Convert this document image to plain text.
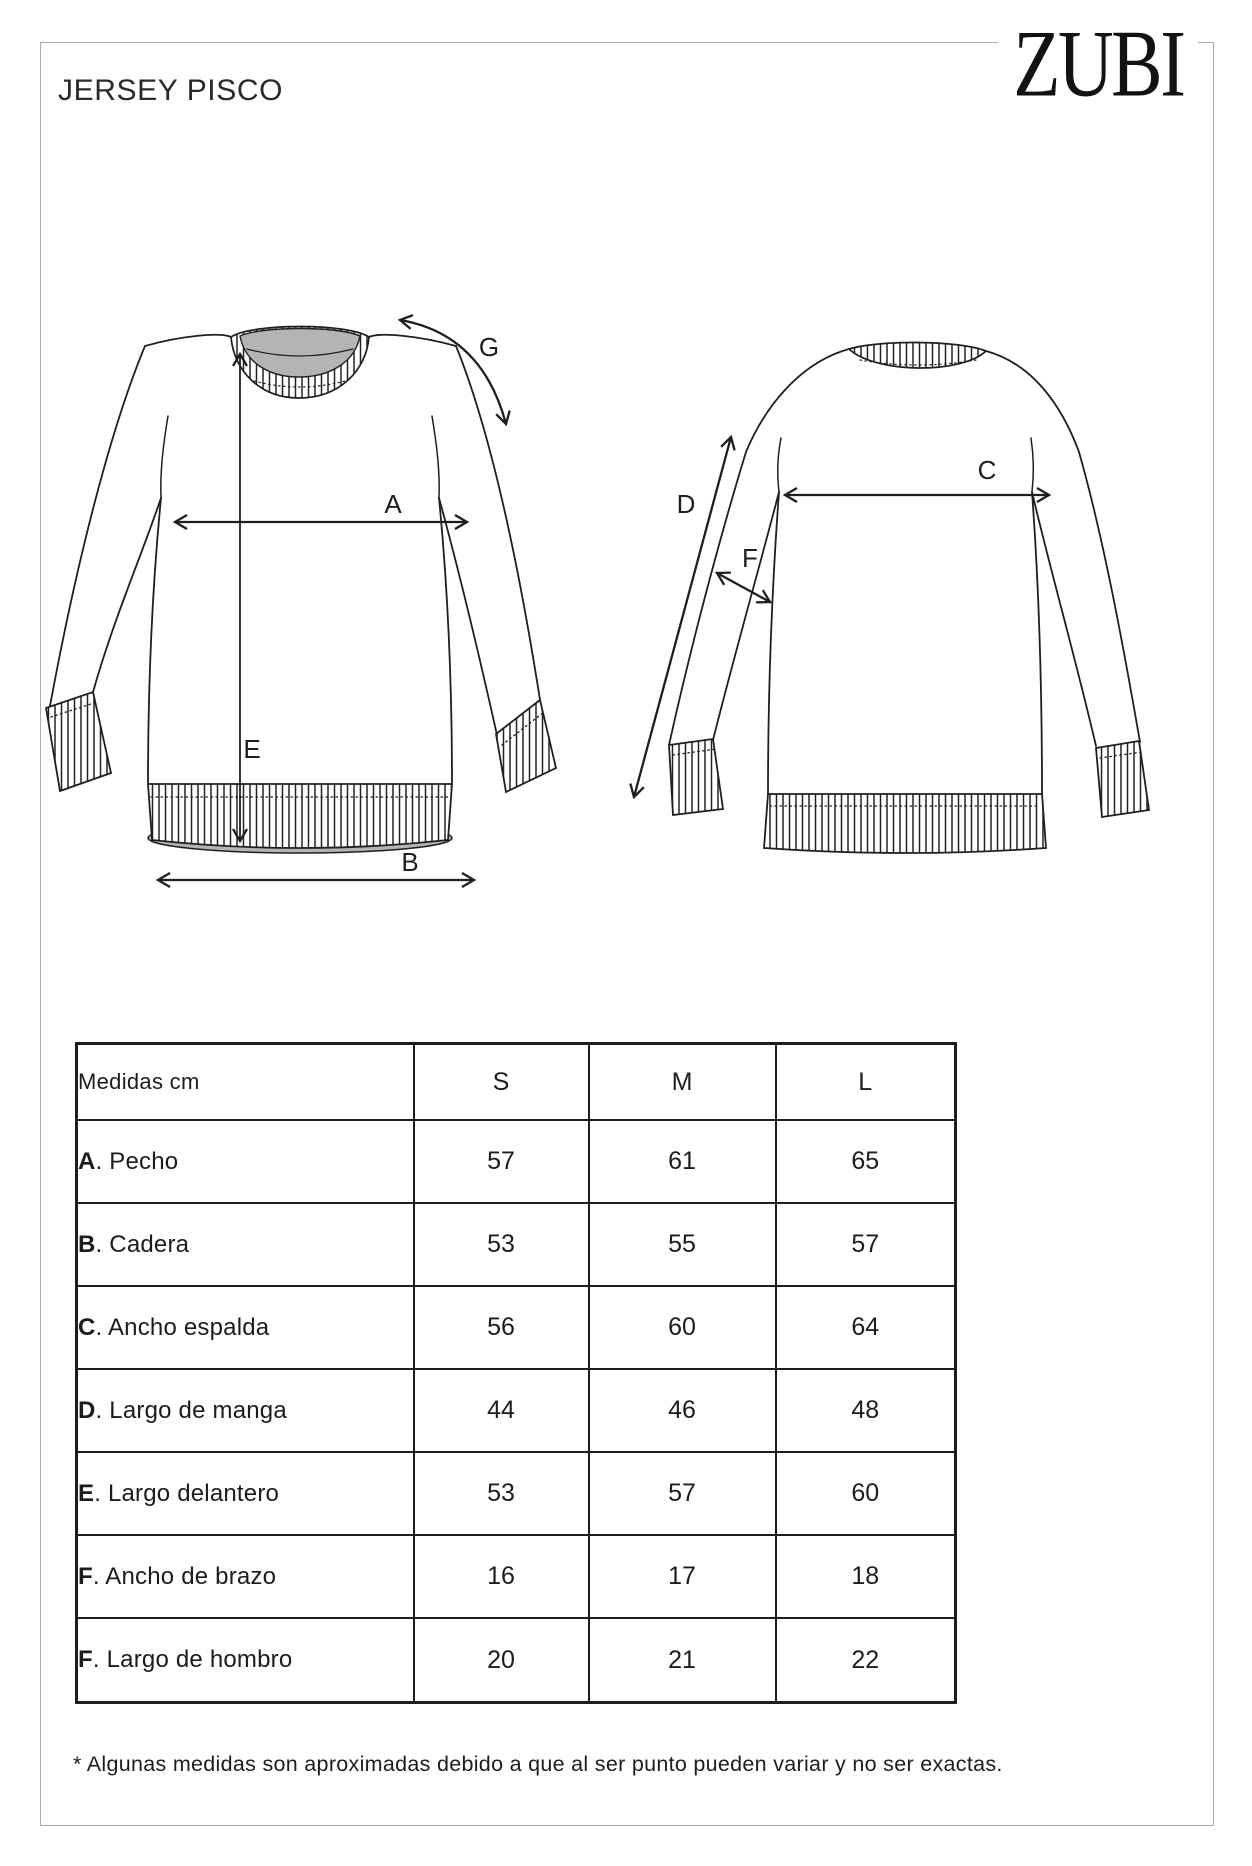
JERSEY PISCO
A
B
C
D
E
F
G
ZUBI
Medidas cm	S	M	L
A. Pecho	57	61	65
B. Cadera	53	55	57
C. Ancho espalda	56	60	64
D. Largo de manga	44	46	48
E. Largo delantero	53	57	60
F. Ancho de brazo	16	17	18
F. Largo de hombro	20	21	22
* Algunas medidas son aproximadas debido a que al ser punto pueden variar y no ser exactas.
